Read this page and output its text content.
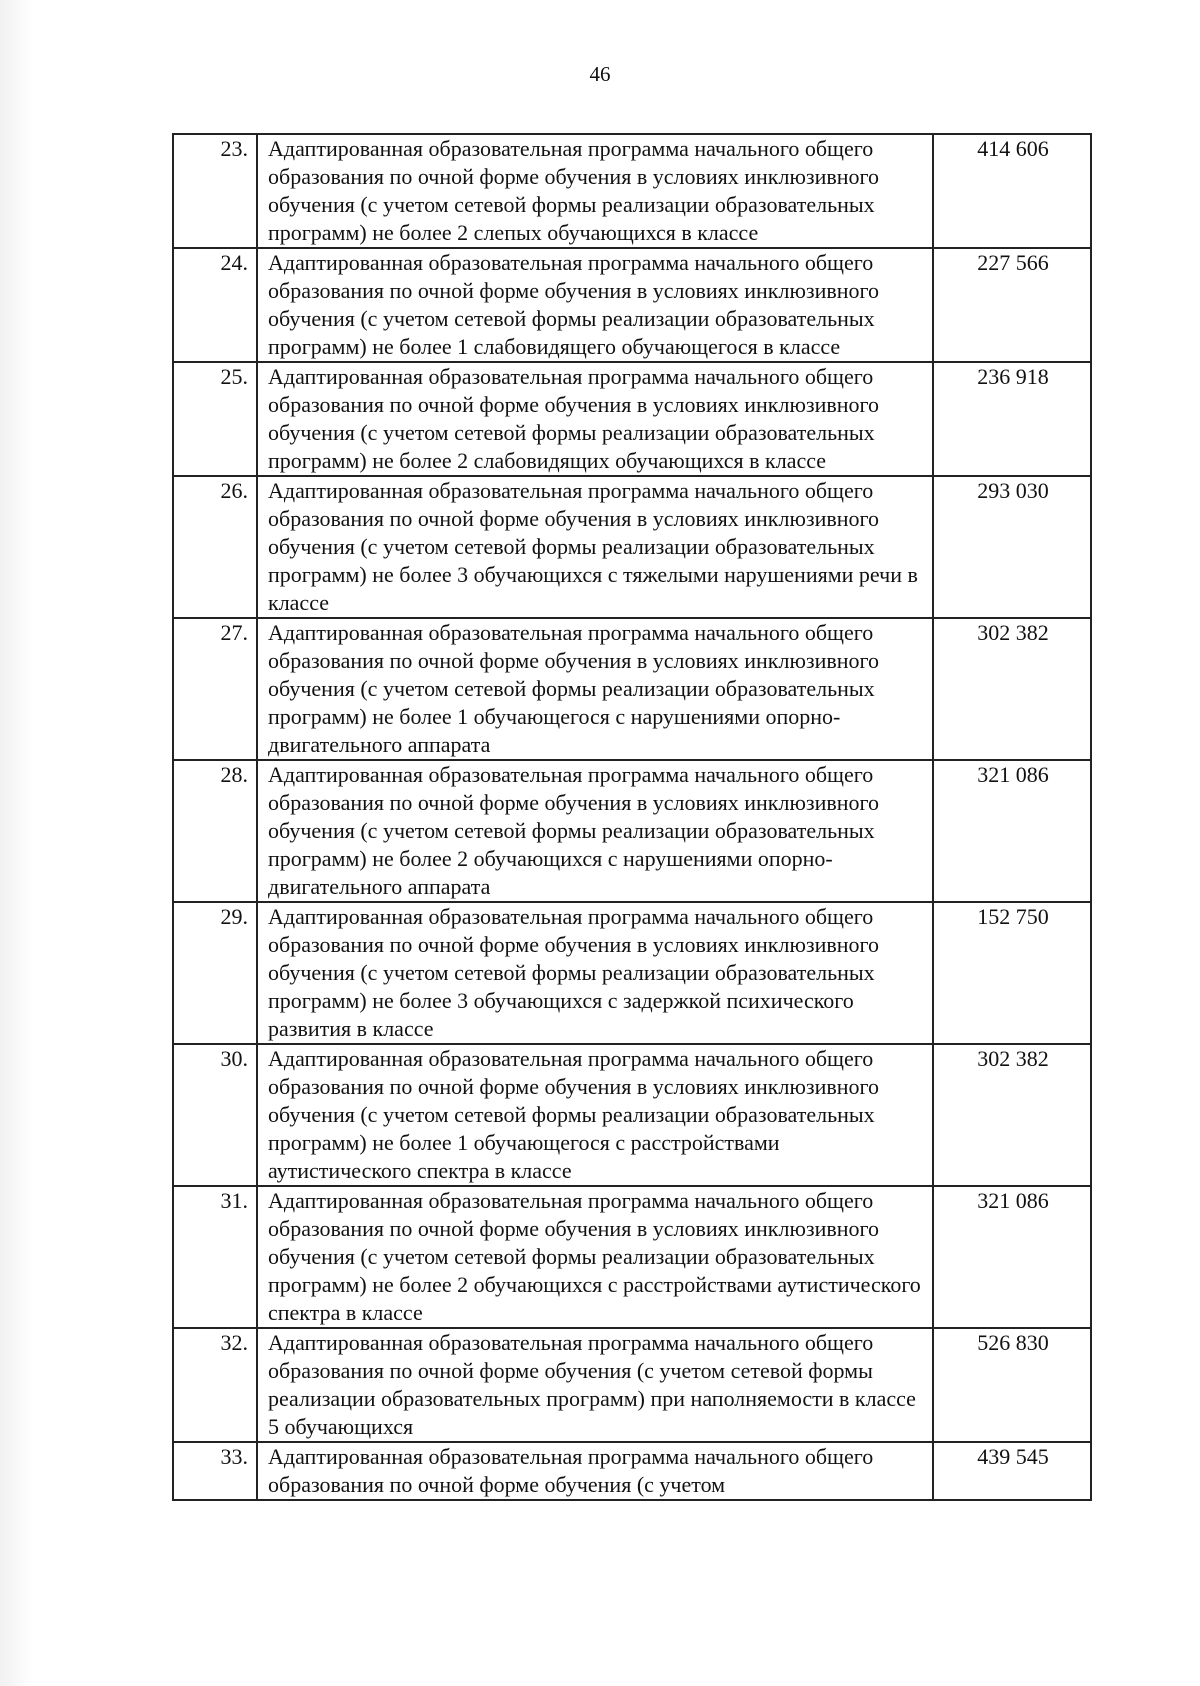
46
23.	Адаптированная образовательная программа начального общего образования по очной форме обучения в условиях инклюзивного обучения (с учетом сетевой формы реализации образовательных программ) не более 2 слепых обучающихся в классе	414 606
24.	Адаптированная образовательная программа начального общего образования по очной форме обучения в условиях инклюзивного обучения (с учетом сетевой формы реализации образовательных программ) не более 1 слабовидящего обучающегося в классе	227 566
25.	Адаптированная образовательная программа начального общего образования по очной форме обучения в условиях инклюзивного обучения (с учетом сетевой формы реализации образовательных программ) не более 2 слабовидящих обучающихся в классе	236 918
26.	Адаптированная образовательная программа начального общего образования по очной форме обучения в условиях инклюзивного обучения (с учетом сетевой формы реализации образовательных программ) не более 3 обучающихся с тяжелыми нарушениями речи в классе	293 030
27.	Адаптированная образовательная программа начального общего образования по очной форме обучения в условиях инклюзивного обучения (с учетом сетевой формы реализации образовательных программ) не более 1 обучающегося с нарушениями опорно-двигательного аппарата	302 382
28.	Адаптированная образовательная программа начального общего образования по очной форме обучения в условиях инклюзивного обучения (с учетом сетевой формы реализации образовательных программ) не более 2 обучающихся с нарушениями опорно-двигательного аппарата	321 086
29.	Адаптированная образовательная программа начального общего образования по очной форме обучения в условиях инклюзивного обучения (с учетом сетевой формы реализации образовательных программ) не более 3 обучающихся с задержкой психического развития в классе	152 750
30.	Адаптированная образовательная программа начального общего образования по очной форме обучения в условиях инклюзивного обучения (с учетом сетевой формы реализации образовательных программ) не более 1 обучающегося с расстройствами аутистического спектра в классе	302 382
31.	Адаптированная образовательная программа начального общего образования по очной форме обучения в условиях инклюзивного обучения (с учетом сетевой формы реализации образовательных программ) не более 2 обучающихся с расстройствами аутистического спектра в классе	321 086
32.	Адаптированная образовательная программа начального общего образования по очной форме обучения (с учетом сетевой формы реализации образовательных программ) при наполняемости в классе 5 обучающихся	526 830
33.	Адаптированная образовательная программа начального общего образования по очной форме обучения (с учетом	439 545
